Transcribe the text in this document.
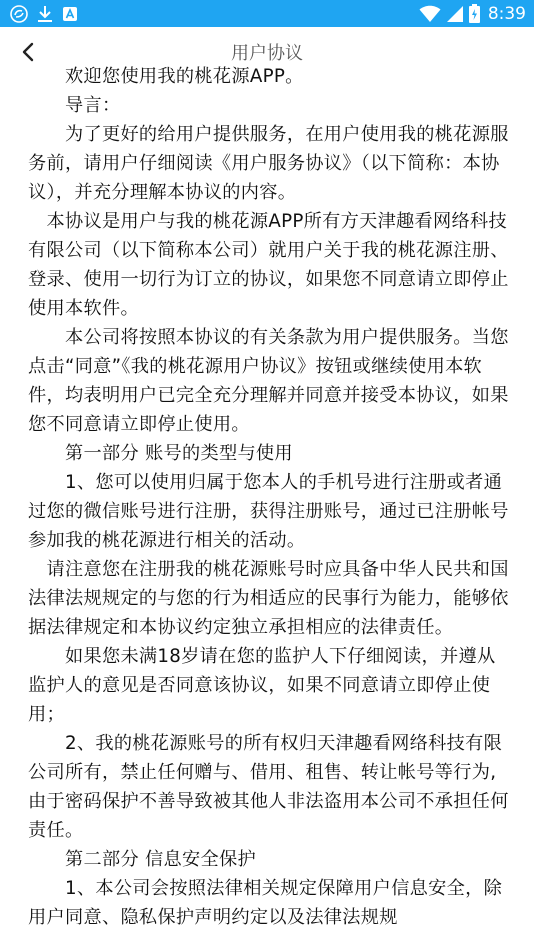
8:39
用户协议

　　欢迎您使用我的桃花源APP。

　　导言：

　　为了更好的给用户提供服务，在用户使用我的桃花源服务前，请用户仔细阅读《用户服务协议》（以下简称：本协议），并充分理解本协议的内容。

　本协议是用户与我的桃花源APP所有方天津趣看网络科技有限公司（以下简称本公司）就用户关于我的桃花源注册、登录、使用一切行为订立的协议，如果您不同意请立即停止使用本软件。

　　本公司将按照本协议的有关条款为用户提供服务。当您点击“同意”《我的桃花源用户协议》按钮或继续使用本软件，均表明用户已完全充分理解并同意并接受本协议，如果您不同意请立即停止使用。

　　第一部分 账号的类型与使用

　　1、您可以使用归属于您本人的手机号进行注册或者通过您的微信账号进行注册，获得注册账号，通过已注册帐号参加我的桃花源进行相关的活动。

　请注意您在注册我的桃花源账号时应具备中华人民共和国法律法规规定的与您的行为相适应的民事行为能力，能够依据法律规定和本协议约定独立承担相应的法律责任。

　　如果您未满18岁请在您的监护人下仔细阅读，并遵从监护人的意见是否同意该协议，如果不同意请立即停止使用；

　　2、我的桃花源账号的所有权归天津趣看网络科技有限公司所有，禁止任何赠与、借用、租售、转让帐号等行为,由于密码保护不善导致被其他人非法盗用本公司不承担任何责任。

　　第二部分 信息安全保护

　　1、本公司会按照法律相关规定保障用户信息安全，除用户同意、隐私保护声明约定以及法律法规规
